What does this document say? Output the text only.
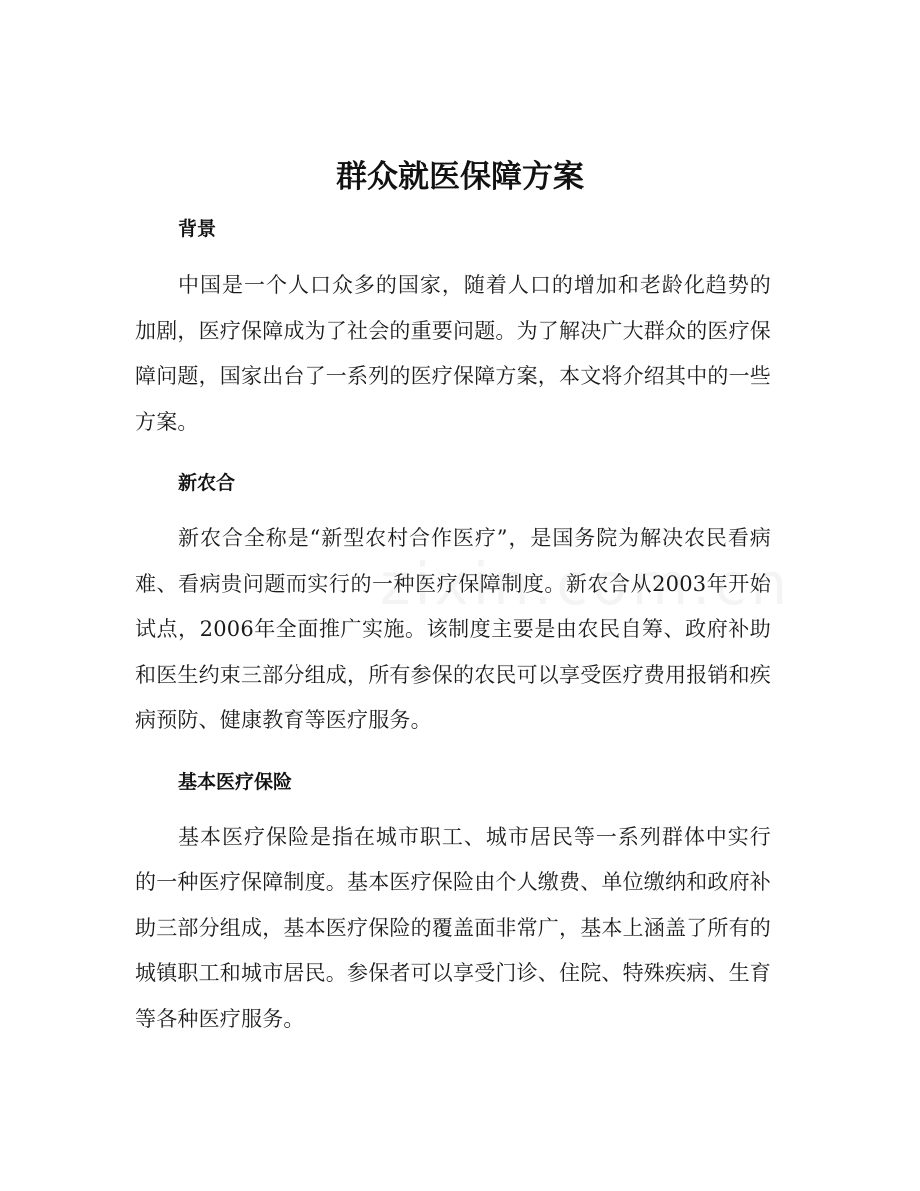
群众就医保障方案
背景

中国是一个人口众多的国家，随着人口的增加和老龄化趋势的加剧，医疗保障成为了社会的重要问题。为了解决广大群众的医疗保障问题，国家出台了一系列的医疗保障方案，本文将介绍其中的一些方案。

新农合

新农合全称是“新型农村合作医疗”，是国务院为解决农民看病难、看病贵问题而实行的一种医疗保障制度。新农合从2003年开始试点，2006年全面推广实施。该制度主要是由农民自筹、政府补助和医生约束三部分组成，所有参保的农民可以享受医疗费用报销和疾病预防、健康教育等医疗服务。

基本医疗保险

基本医疗保险是指在城市职工、城市居民等一系列群体中实行的一种医疗保障制度。基本医疗保险由个人缴费、单位缴纳和政府补助三部分组成，基本医疗保险的覆盖面非常广，基本上涵盖了所有的城镇职工和城市居民。参保者可以享受门诊、住院、特殊疾病、生育等各种医疗服务。
